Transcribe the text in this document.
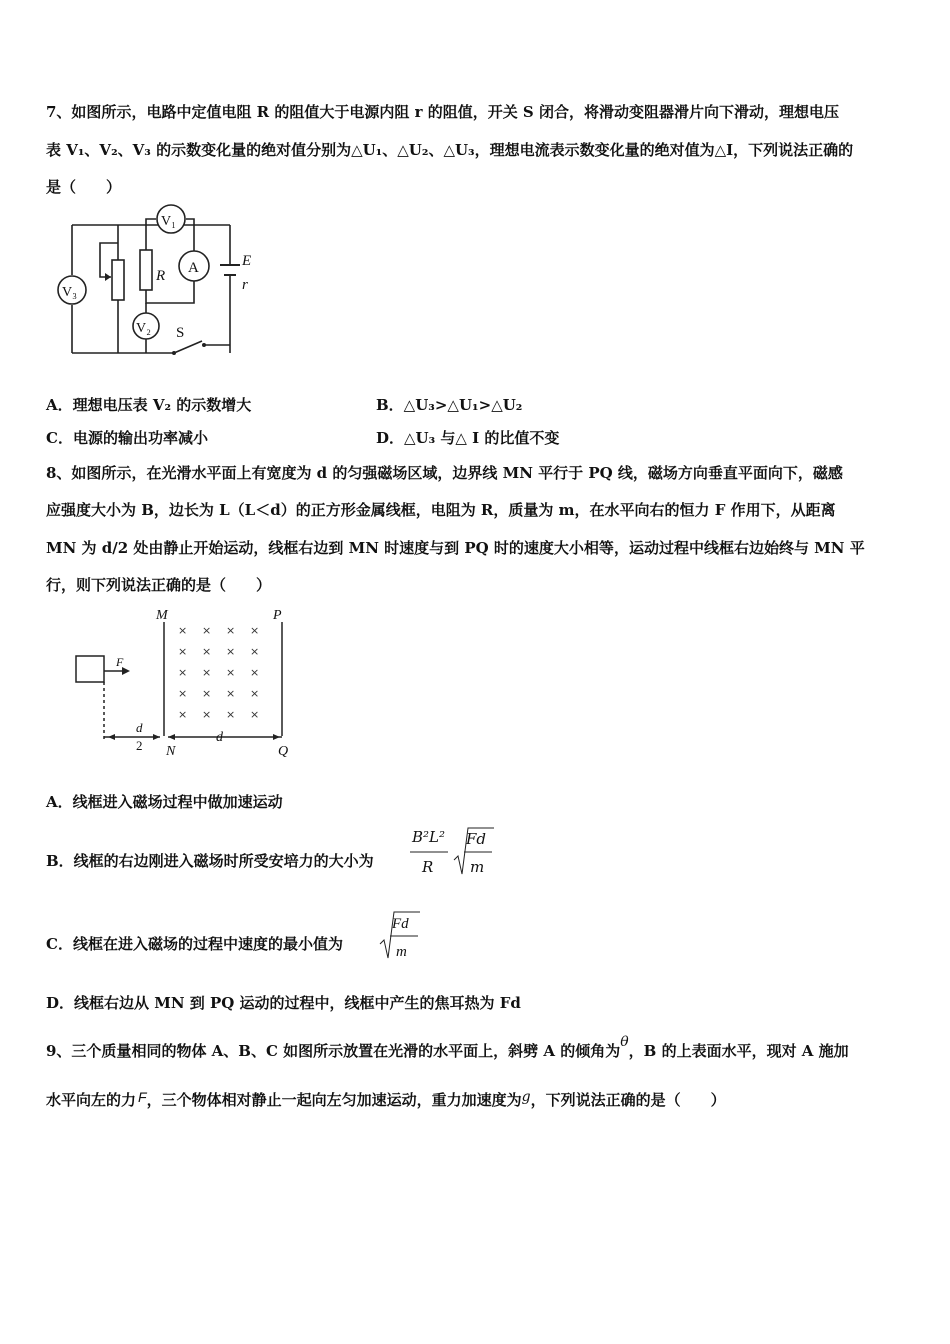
7、如图所示，电路中定值电阻 R 的阻值大于电源内阻 r 的阻值，开关 S 闭合，将滑动变阻器滑片向下滑动，理想电压
表 V₁、V₂、V₃ 的示数变化量的绝对值分别为△U₁、△U₂、△U₃，理想电流表示数变化量的绝对值为△I，下列说法正确的
是（　　）
V₃
V₁
A
V₂
R
E
r
S
A．理想电压表 V₂ 的示数增大	B．△U₃>△U₁>△U₂
C．电源的输出功率减小	D．△U₃ 与△ I 的比值不变
8、如图所示，在光滑水平面上有宽度为 d 的匀强磁场区域，边界线 MN 平行于 PQ 线，磁场方向垂直平面向下，磁感
应强度大小为 B，边长为 L（L＜d）的正方形金属线框，电阻为 R，质量为 m，在水平向右的恒力 F 作用下，从距离
MN 为 d/2 处由静止开始运动，线框右边到 MN 时速度与到 PQ 时的速度大小相等，运动过程中线框右边始终与 MN 平
行，则下列说法正确的是（　　）
× × × ×
× × × ×
× × × ×
× × × ×
× × × ×
M	P
F
N	Q
d
2
d
A．线框进入磁场过程中做加速运动
B．线框的右边刚进入磁场时所受安培力的大小为
B²L²
R
Fd
m
C．线框在进入磁场的过程中速度的最小值为
Fd
m
D．线框右边从 MN 到 PQ 运动的过程中，线框中产生的焦耳热为 Fd
9、三个质量相同的物体 A、B、C 如图所示放置在光滑的水平面上，斜劈 A 的倾角为θ，B 的上表面水平，现对 A 施加
水平向左的力 F，三个物体相对静止一起向左匀加速运动，重力加速度为g，下列说法正确的是（　　）
